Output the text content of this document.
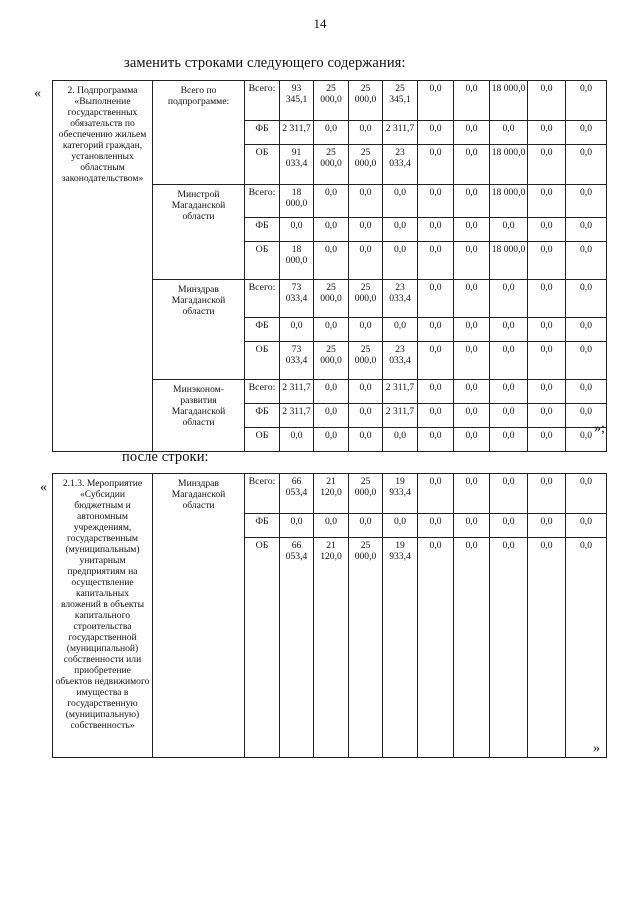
14
заменить строками следующего содержания:
«
»;
2. Подпрограмма «Выполнение государственных обязательств по обеспечению жильем категорий граждан, установленных областным законодательством»	Всего по подпрограмме:	Всего:	93 345,1	25 000,0	25 000,0	25 345,1	0,0	0,0	18 000,0	0,0	0,0
		ФБ	2 311,7	0,0	0,0	2 311,7	0,0	0,0	0,0	0,0	0,0
		ОБ	91 033,4	25 000,0	25 000,0	23 033,4	0,0	0,0	18 000,0	0,0	0,0
	Минстрой Магаданской области	Всего:	18 000,0	0,0	0,0	0,0	0,0	0,0	18 000,0	0,0	0,0
		ФБ	0,0	0,0	0,0	0,0	0,0	0,0	0,0	0,0	0,0
		ОБ	18 000,0	0,0	0,0	0,0	0,0	0,0	18 000,0	0,0	0,0
	Минздрав Магаданской области	Всего:	73 033,4	25 000,0	25 000,0	23 033,4	0,0	0,0	0,0	0,0	0,0
		ФБ	0,0	0,0	0,0	0,0	0,0	0,0	0,0	0,0	0,0
		ОБ	73 033,4	25 000,0	25 000,0	23 033,4	0,0	0,0	0,0	0,0	0,0
	Минэконом-развития Магаданской области	Всего:	2 311,7	0,0	0,0	2 311,7	0,0	0,0	0,0	0,0	0,0
		ФБ	2 311,7	0,0	0,0	2 311,7	0,0	0,0	0,0	0,0	0,0
		ОБ	0,0	0,0	0,0	0,0	0,0	0,0	0,0	0,0	0,0
после строки:
«
»
2.1.3. Мероприятие «Субсидии бюджетным и автономным учреждениям, государственным (муниципальным) унитарным предприятиям на осуществление капитальных вложений в объекты капитального строительства государственной (муниципальной) собственности или приобретение объектов недвижимого имущества в государственную (муниципальную) собственность»	Минздрав Магаданской области	Всего:	66 053,4	21 120,0	25 000,0	19 933,4	0,0	0,0	0,0	0,0	0,0
		ФБ	0,0	0,0	0,0	0,0	0,0	0,0	0,0	0,0	0,0
		ОБ	66 053,4	21 120,0	25 000,0	19 933,4	0,0	0,0	0,0	0,0	0,0
